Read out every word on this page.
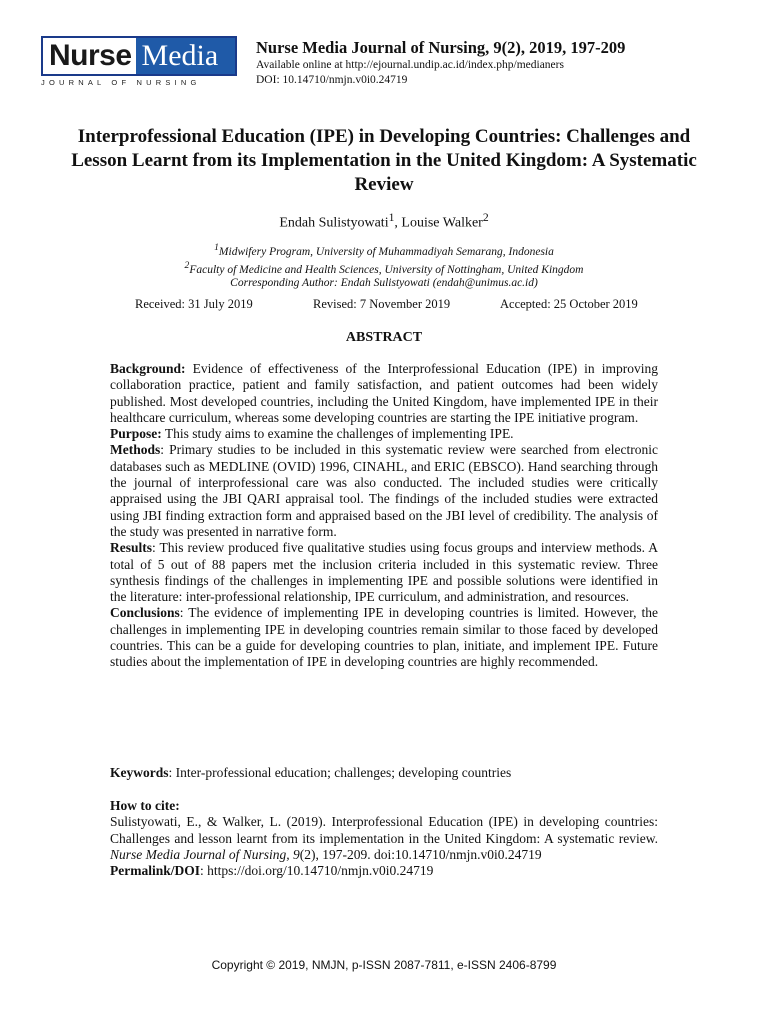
Nurse Media
JOURNAL OF NURSING
Nurse Media Journal of Nursing, 9(2), 2019, 197-209
Available online at http://ejournal.undip.ac.id/index.php/medianers
DOI: 10.14710/nmjn.v0i0.24719
Interprofessional Education (IPE) in Developing Countries: Challenges and Lesson Learnt from its Implementation in the United Kingdom: A Systematic Review
Endah Sulistyowati$^1$, Louise Walker$^2$
$^1$Midwifery Program, University of Muhammadiyah Semarang, Indonesia
$^2$Faculty of Medicine and Health Sciences, University of Nottingham, United Kingdom
Corresponding Author: Endah Sulistyowati (endah@unimus.ac.id)
Received: 31 July 2019	Revised: 7 November 2019	Accepted: 25 October 2019
ABSTRACT

Background: Evidence of effectiveness of the Interprofessional Education (IPE) in improving collaboration practice, patient and family satisfaction, and patient outcomes had been widely published. Most developed countries, including the United Kingdom, have implemented IPE in their healthcare curriculum, whereas some developing countries are starting the IPE initiative program.

Purpose: This study aims to examine the challenges of implementing IPE.

Methods: Primary studies to be included in this systematic review were searched from electronic databases such as MEDLINE (OVID) 1996, CINAHL, and ERIC (EBSCO). Hand searching through the journal of interprofessional care was also conducted. The included studies were critically appraised using the JBI QARI appraisal tool. The findings of the included studies were extracted using JBI finding extraction form and appraised based on the JBI level of credibility. The analysis of the study was presented in narrative form.

Results: This review produced five qualitative studies using focus groups and interview methods. A total of 5 out of 88 papers met the inclusion criteria included in this systematic review. Three synthesis findings of the challenges in implementing IPE and possible solutions were identified in the literature: inter-professional relationship, IPE curriculum, and administration, and resources.

Conclusions: The evidence of implementing IPE in developing countries is limited. However, the challenges in implementing IPE in developing countries remain similar to those faced by developed countries. This can be a guide for developing countries to plan, initiate, and implement IPE. Future studies about the implementation of IPE in developing countries are highly recommended.

Keywords: Inter-professional education; challenges; developing countries

How to cite:

Sulistyowati, E., & Walker, L. (2019). Interprofessional Education (IPE) in developing countries: Challenges and lesson learnt from its implementation in the United Kingdom: A systematic review. Nurse Media Journal of Nursing, 9(2), 197-209. doi:10.14710/nmjn.v0i0.24719

Permalink/DOI: https://doi.org/10.14710/nmjn.v0i0.24719

Copyright © 2019, NMJN, p-ISSN 2087-7811, e-ISSN 2406-8799
